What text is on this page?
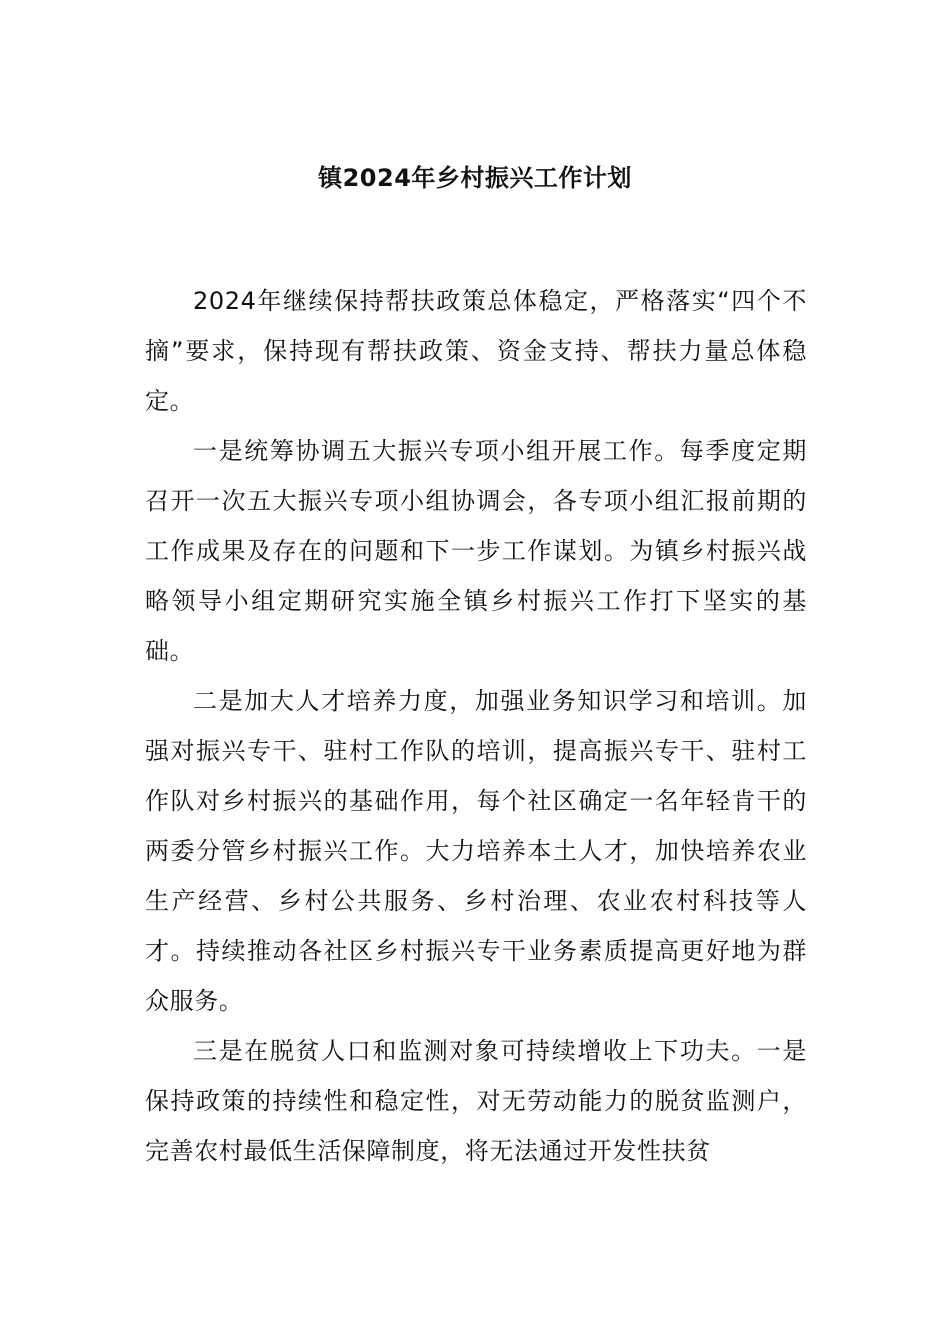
镇2024年乡村振兴工作计划

2024年继续保持帮扶政策总体稳定，严格落实“四个不摘”要求，保持现有帮扶政策、资金支持、帮扶力量总体稳定。

一是统筹协调五大振兴专项小组开展工作。每季度定期召开一次五大振兴专项小组协调会，各专项小组汇报前期的工作成果及存在的问题和下一步工作谋划。为镇乡村振兴战略领导小组定期研究实施全镇乡村振兴工作打下坚实的基础。

二是加大人才培养力度，加强业务知识学习和培训。加强对振兴专干、驻村工作队的培训，提高振兴专干、驻村工作队对乡村振兴的基础作用，每个社区确定一名年轻肯干的两委分管乡村振兴工作。大力培养本土人才，加快培养农业生产经营、乡村公共服务、乡村治理、农业农村科技等人才。持续推动各社区乡村振兴专干业务素质提高更好地为群众服务。

三是在脱贫人口和监测对象可持续增收上下功夫。一是保持政策的持续性和稳定性，对无劳动能力的脱贫监测户，完善农村最低生活保障制度，将无法通过开发性扶贫
